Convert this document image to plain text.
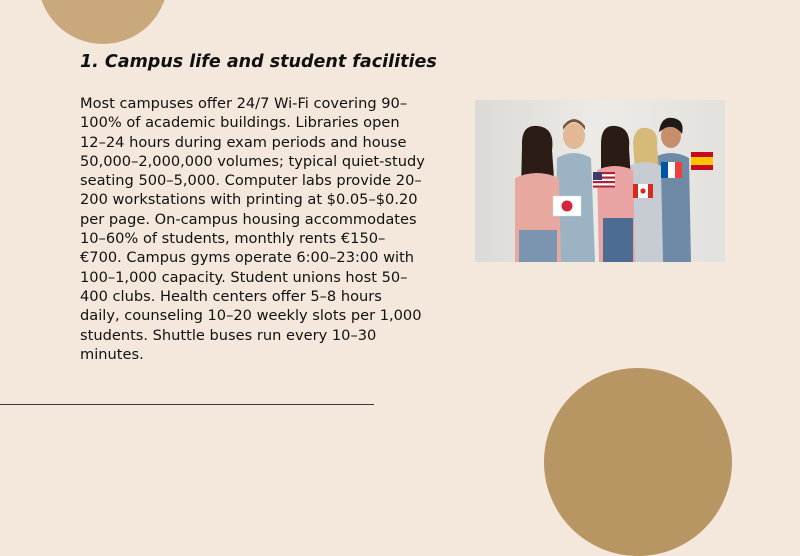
1. Campus life and student facilities

Most campuses offer 24/7 Wi-Fi covering 90–100% of academic buildings. Libraries open 12–24 hours during exam periods and house 50,000–2,000,000 volumes; typical quiet-study seating 500–5,000. Computer labs provide 20–200 workstations with printing at $0.05–$0.20 per page. On-campus housing accommodates 10–60% of students, monthly rents €150–€700. Campus gyms operate 6:00–23:00 with 100–1,000 capacity. Student unions host 50–400 clubs. Health centers offer 5–8 hours daily, counseling 10–20 weekly slots per 1,000 students. Shuttle buses run every 10–30 minutes.
